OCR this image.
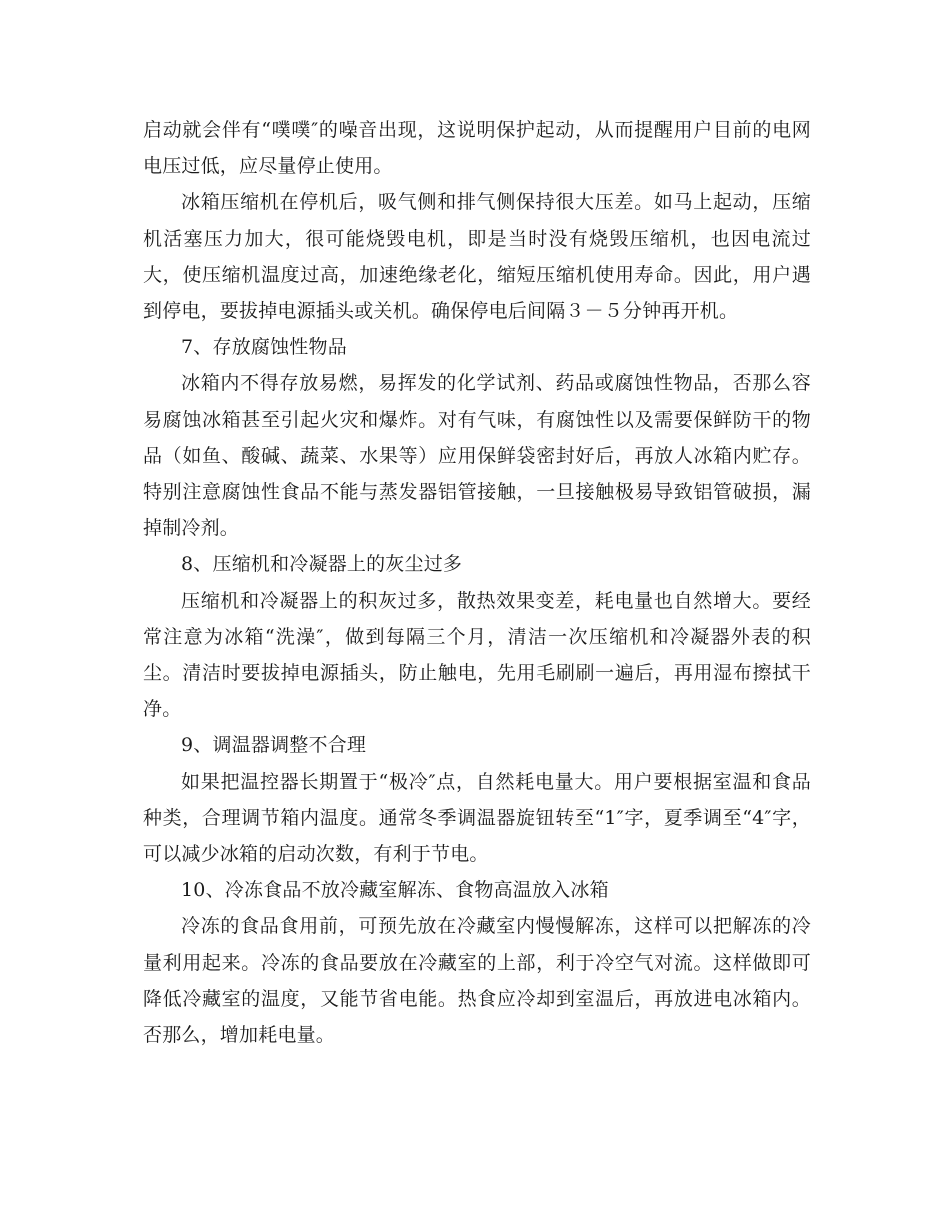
启动就会伴有“噗噗″的噪音出现，这说明保护起动，从而提醒用户目前的电网电压过低，应尽量停止使用。

冰箱压缩机在停机后，吸气侧和排气侧保持很大压差。如马上起动，压缩机活塞压力加大，很可能烧毁电机，即是当时没有烧毁压缩机，也因电流过大，使压缩机温度过高，加速绝缘老化，缩短压缩机使用寿命。因此，用户遇到停电，要拔掉电源插头或关机。确保停电后间隔３－５分钟再开机。

7、存放腐蚀性物品

冰箱内不得存放易燃，易挥发的化学试剂、药品或腐蚀性物品，否那么容易腐蚀冰箱甚至引起火灾和爆炸。对有气味，有腐蚀性以及需要保鲜防干的物品（如鱼、酸碱、蔬菜、水果等）应用保鲜袋密封好后，再放人冰箱内贮存。特别注意腐蚀性食品不能与蒸发器铝管接触，一旦接触极易导致铝管破损，漏掉制冷剂。

8、压缩机和冷凝器上的灰尘过多

压缩机和冷凝器上的积灰过多，散热效果变差，耗电量也自然增大。要经常注意为冰箱“洗澡″，做到每隔三个月，清洁一次压缩机和冷凝器外表的积尘。清洁时要拔掉电源插头，防止触电，先用毛刷刷一遍后，再用湿布擦拭干净。

9、调温器调整不合理

如果把温控器长期置于“极冷″点，自然耗电量大。用户要根据室温和食品种类，合理调节箱内温度。通常冬季调温器旋钮转至“1″字，夏季调至“4″字，可以减少冰箱的启动次数，有利于节电。

10、冷冻食品不放冷藏室解冻、食物高温放入冰箱

冷冻的食品食用前，可预先放在冷藏室内慢慢解冻，这样可以把解冻的冷量利用起来。冷冻的食品要放在冷藏室的上部，利于冷空气对流。这样做即可降低冷藏室的温度，又能节省电能。热食应冷却到室温后，再放进电冰箱内。否那么，增加耗电量。
